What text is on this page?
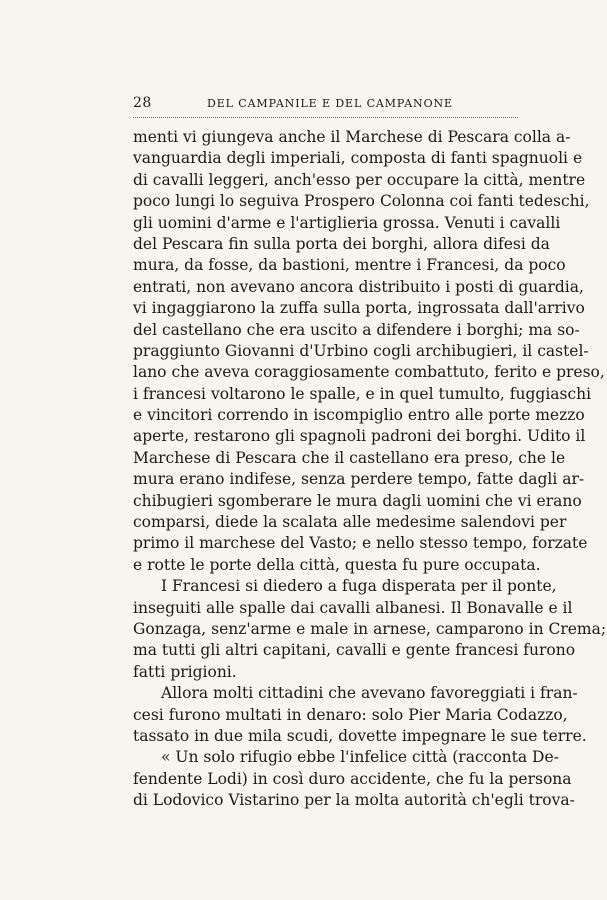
28	DEL CAMPANILE E DEL CAMPANONE
menti vi giungeva anche il Marchese di Pescara colla a-
vanguardia degli imperiali, composta di fanti spagnuoli e
di cavalli leggeri, anch'esso per occupare la città, mentre
poco lungi lo seguiva Prospero Colonna coi fanti tedeschi,
gli uomini d'arme e l'artiglieria grossa. Venuti i cavalli
del Pescara fin sulla porta dei borghi, allora difesi da
mura, da fosse, da bastioni, mentre i Francesi, da poco
entrati, non avevano ancora distribuito i posti di guardia,
vi ingaggiarono la zuffa sulla porta, ingrossata dall'arrivo
del castellano che era uscito a difendere i borghi; ma so-
praggiunto Giovanni d'Urbino cogli archibugieri, il castel-
lano che aveva coraggiosamente combattuto, ferito e preso,
i francesi voltarono le spalle, e in quel tumulto, fuggiaschi
e vincitori correndo in iscompiglio entro alle porte mezzo
aperte, restarono gli spagnoli padroni dei borghi. Udito il
Marchese di Pescara che il castellano era preso, che le
mura erano indifese, senza perdere tempo, fatte dagli ar-
chibugieri sgomberare le mura dagli uomini che vi erano
comparsi, diede la scalata alle medesime salendovi per
primo il marchese del Vasto; e nello stesso tempo, forzate
e rotte le porte della città, questa fu pure occupata.
I Francesi si diedero a fuga disperata per il ponte,
inseguiti alle spalle dai cavalli albanesi. Il Bonavalle e il
Gonzaga, senz'arme e male in arnese, camparono in Crema;
ma tutti gli altri capitani, cavalli e gente francesi furono
fatti prigioni.
Allora molti cittadini che avevano favoreggiati i fran-
cesi furono multati in denaro: solo Pier Maria Codazzo,
tassato in due mila scudi, dovette impegnare le sue terre.
« Un solo rifugio ebbe l'infelice città (racconta De-
fendente Lodi) in così duro accidente, che fu la persona
di Lodovico Vistarino per la molta autorità ch'egli trova-
